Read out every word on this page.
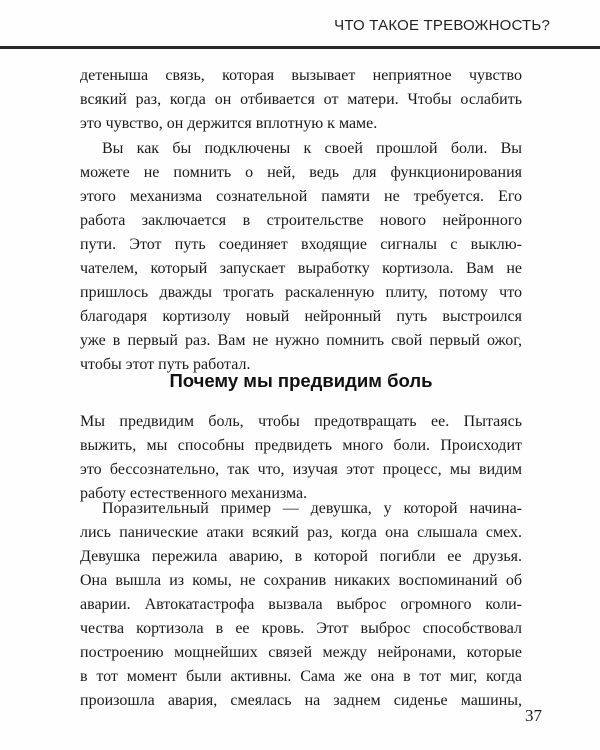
ЧТО ТАКОЕ ТРЕВОЖНОСТЬ?
детеныша связь, которая вызывает неприятное чувство
всякий раз, когда он отбивается от матери. Чтобы ослабить
это чувство, он держится вплотную к маме.
Вы как бы подключены к своей прошлой боли. Вы
можете не помнить о ней, ведь для функционирования
этого механизма сознательной памяти не требуется. Его
работа заключается в строительстве нового нейронного
пути. Этот путь соединяет входящие сигналы с выклю-
чателем, который запускает выработку кортизола. Вам не
пришлось дважды трогать раскаленную плиту, потому что
благодаря кортизолу новый нейронный путь выстроился
уже в первый раз. Вам не нужно помнить свой первый ожог,
чтобы этот путь работал.
Почему мы предвидим боль
Мы предвидим боль, чтобы предотвращать ее. Пытаясь
выжить, мы способны предвидеть много боли. Происходит
это бессознательно, так что, изучая этот процесс, мы видим
работу естественного механизма.
Поразительный пример — девушка, у которой начина-
лись панические атаки всякий раз, когда она слышала смех.
Девушка пережила аварию, в которой погибли ее друзья.
Она вышла из комы, не сохранив никаких воспоминаний об
аварии. Автокатастрофа вызвала выброс огромного коли-
чества кортизола в ее кровь. Этот выброс способствовал
построению мощнейших связей между нейронами, которые
в тот момент были активны. Сама же она в тот миг, когда
произошла авария, смеялась на заднем сиденье машины,
37
